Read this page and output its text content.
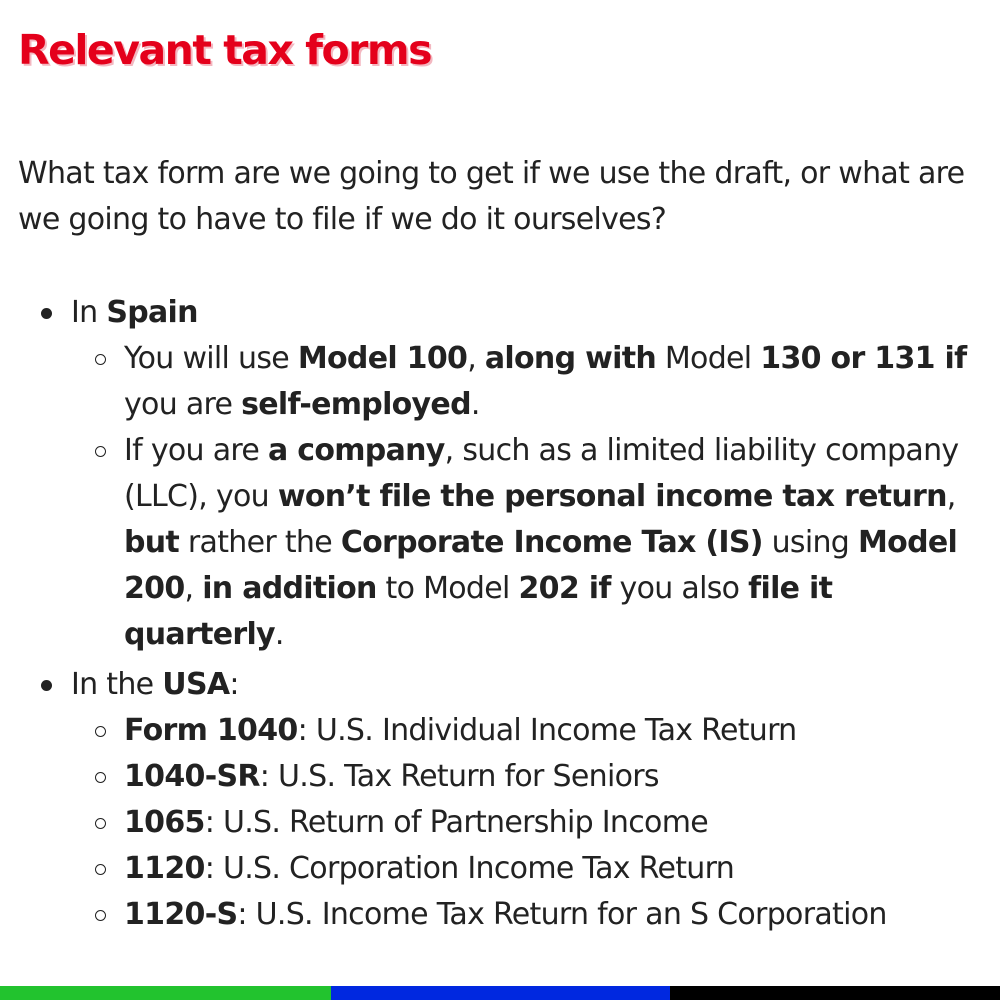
Relevant tax forms

What tax form are we going to get if we use the draft, or what are we going to have to file if we do it ourselves?

In Spain
You will use Model 100, along with Model 130 or 131 if you are self-employed.
If you are a company, such as a limited liability company (LLC), you won’t file the personal income tax return, but rather the Corporate Income Tax (IS) using Model 200, in addition to Model 202 if you also file it quarterly.
In the USA:
Form 1040: U.S. Individual Income Tax Return
1040-SR: U.S. Tax Return for Seniors
1065: U.S. Return of Partnership Income
1120: U.S. Corporation Income Tax Return
1120-S: U.S. Income Tax Return for an S Corporation
